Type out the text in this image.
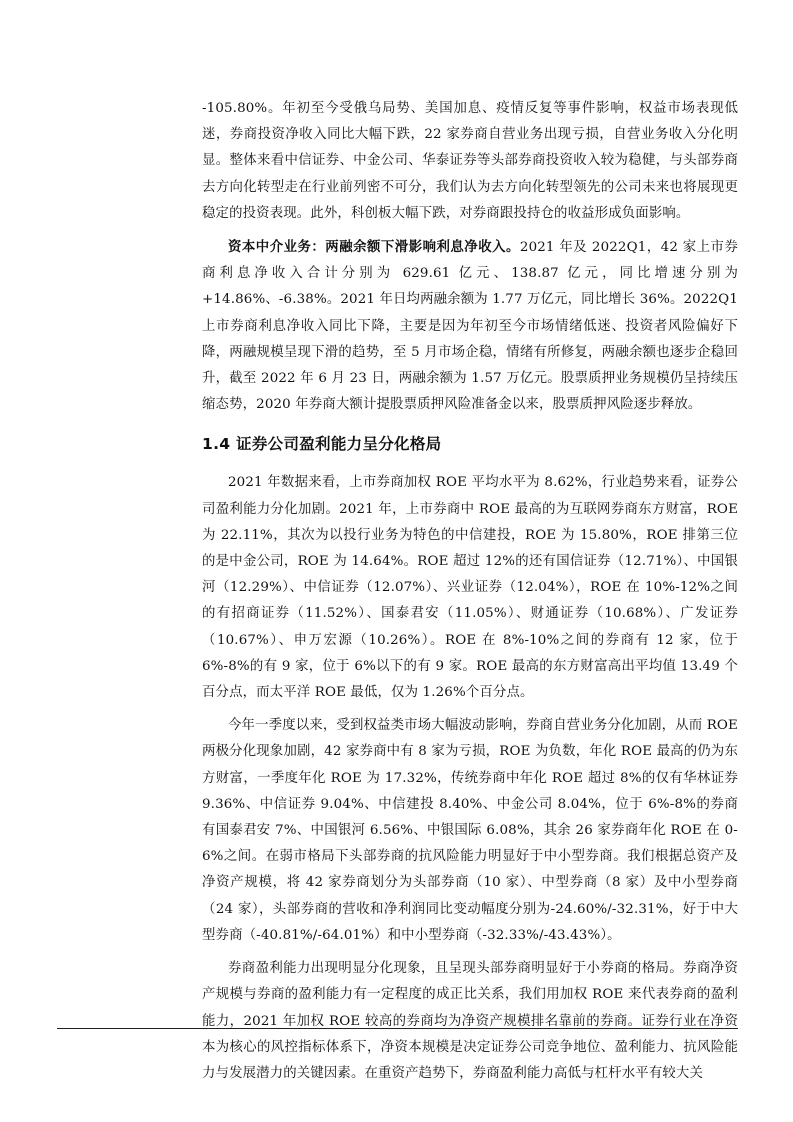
-105.80%。年初至今受俄乌局势、美国加息、疫情反复等事件影响，权益市场表现低迷，券商投资净收入同比大幅下跌，22 家券商自营业务出现亏损，自营业务收入分化明显。整体来看中信证券、中金公司、华泰证券等头部券商投资收入较为稳健，与头部券商去方向化转型走在行业前列密不可分，我们认为去方向化转型领先的公司未来也将展现更稳定的投资表现。此外，科创板大幅下跌，对券商跟投持仓的收益形成负面影响。

资本中介业务：两融余额下滑影响利息净收入。2021 年及 2022Q1，42 家上市券商利息净收入合计分别为 629.61 亿元、138.87 亿元，同比增速分别为+14.86%、-6.38%。2021 年日均两融余额为 1.77 万亿元，同比增长 36%。2022Q1 上市券商利息净收入同比下降，主要是因为年初至今市场情绪低迷、投资者风险偏好下降，两融规模呈现下滑的趋势，至 5 月市场企稳，情绪有所修复，两融余额也逐步企稳回升，截至 2022 年 6 月 23 日，两融余额为 1.57 万亿元。股票质押业务规模仍呈持续压缩态势，2020 年券商大额计提股票质押风险准备金以来，股票质押风险逐步释放。

1.4 证券公司盈利能力呈分化格局

2021 年数据来看，上市券商加权 ROE 平均水平为 8.62%，行业趋势来看，证券公司盈利能力分化加剧。2021 年，上市券商中 ROE 最高的为互联网券商东方财富，ROE 为 22.11%，其次为以投行业务为特色的中信建投，ROE 为 15.80%，ROE 排第三位的是中金公司，ROE 为 14.64%。ROE 超过 12%的还有国信证券（12.71%）、中国银河（12.29%）、中信证券（12.07%）、兴业证券（12.04%），ROE 在 10%-12%之间的有招商证券（11.52%）、国泰君安（11.05%）、财通证券（10.68%）、广发证券（10.67%）、申万宏源（10.26%）。ROE 在 8%-10%之间的券商有 12 家，位于 6%-8%的有 9 家，位于 6%以下的有 9 家。ROE 最高的东方财富高出平均值 13.49 个百分点，而太平洋 ROE 最低，仅为 1.26%个百分点。

今年一季度以来，受到权益类市场大幅波动影响，券商自营业务分化加剧，从而 ROE 两极分化现象加剧，42 家券商中有 8 家为亏损，ROE 为负数，年化 ROE 最高的仍为东方财富，一季度年化 ROE 为 17.32%，传统券商中年化 ROE 超过 8%的仅有华林证券 9.36%、中信证券 9.04%、中信建投 8.40%、中金公司 8.04%，位于 6%-8%的券商有国泰君安 7%、中国银河 6.56%、中银国际 6.08%，其余 26 家券商年化 ROE 在 0-6%之间。在弱市格局下头部券商的抗风险能力明显好于中小型券商。我们根据总资产及净资产规模，将 42 家券商划分为头部券商（10 家）、中型券商（8 家）及中小型券商（24 家），头部券商的营收和净利润同比变动幅度分别为-24.60%/-32.31%，好于中大型券商（-40.81%/-64.01%）和中小型券商（-32.33%/-43.43%）。

券商盈利能力出现明显分化现象，且呈现头部券商明显好于小券商的格局。券商净资产规模与券商的盈利能力有一定程度的成正比关系，我们用加权 ROE 来代表券商的盈利能力，2021 年加权 ROE 较高的券商均为净资产规模排名靠前的券商。证券行业在净资本为核心的风控指标体系下，净资本规模是决定证券公司竞争地位、盈利能力、抗风险能力与发展潜力的关键因素。在重资产趋势下，券商盈利能力高低与杠杆水平有较大关
